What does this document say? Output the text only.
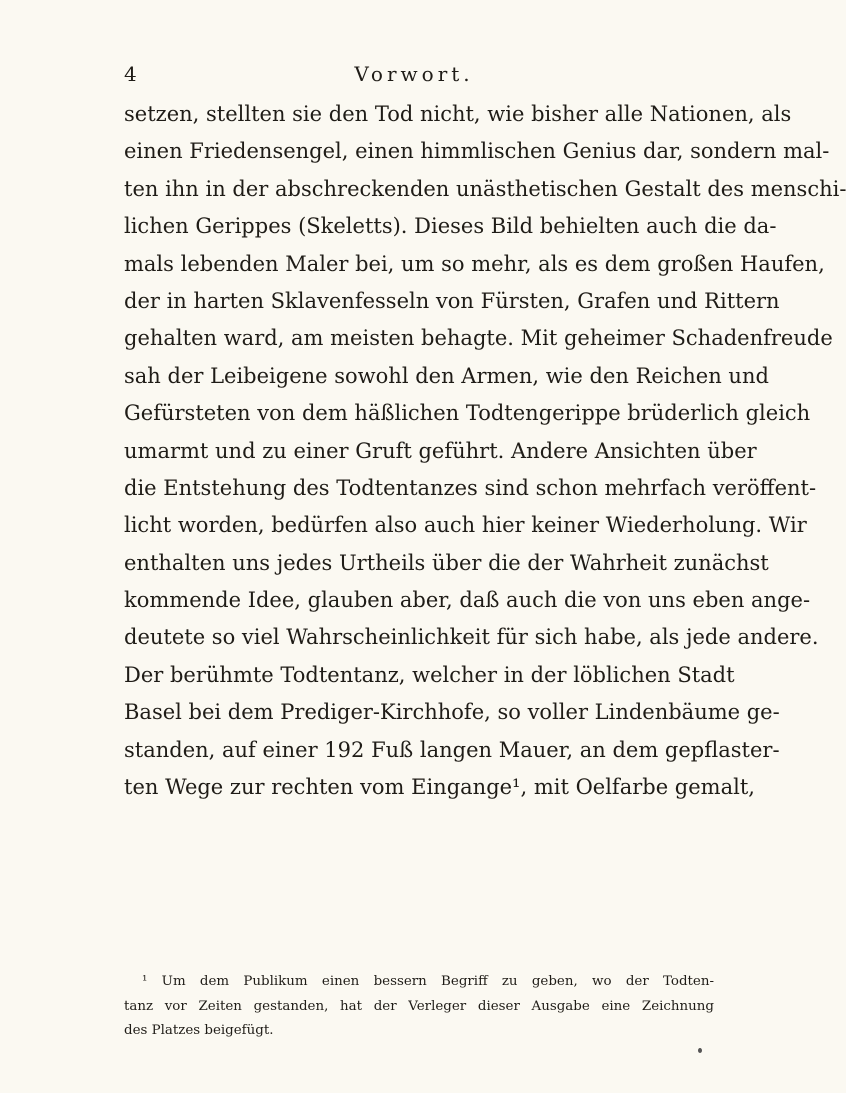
4	Vorwort.
setzen, stellten sie den Tod nicht, wie bisher alle Nationen, als
einen Friedensengel, einen himmlischen Genius dar, sondern mal-
ten ihn in der abschreckenden unästhetischen Gestalt des menschi-
lichen Gerippes (Skeletts). Dieses Bild behielten auch die da-
mals lebenden Maler bei, um so mehr, als es dem großen Haufen,
der in harten Sklavenfesseln von Fürsten, Grafen und Rittern
gehalten ward, am meisten behagte. Mit geheimer Schadenfreude
sah der Leibeigene sowohl den Armen, wie den Reichen und
Gefürsteten von dem häßlichen Todtengerippe brüderlich gleich
umarmt und zu einer Gruft geführt. Andere Ansichten über
die Entstehung des Todtentanzes sind schon mehrfach veröffent-
licht worden, bedürfen also auch hier keiner Wiederholung. Wir
enthalten uns jedes Urtheils über die der Wahrheit zunächst
kommende Idee, glauben aber, daß auch die von uns eben ange-
deutete so viel Wahrscheinlichkeit für sich habe, als jede andere.
Der berühmte Todtentanz, welcher in der löblichen Stadt
Basel bei dem Prediger-Kirchhofe, so voller Lindenbäume ge-
standen, auf einer 192 Fuß langen Mauer, an dem gepflaster-
ten Wege zur rechten vom Eingange¹, mit Oelfarbe gemalt,
¹ Um dem Publikum einen bessern Begriff zu geben, wo der Todten-
tanz vor Zeiten gestanden, hat der Verleger dieser Ausgabe eine Zeichnung
des Platzes beigefügt.
